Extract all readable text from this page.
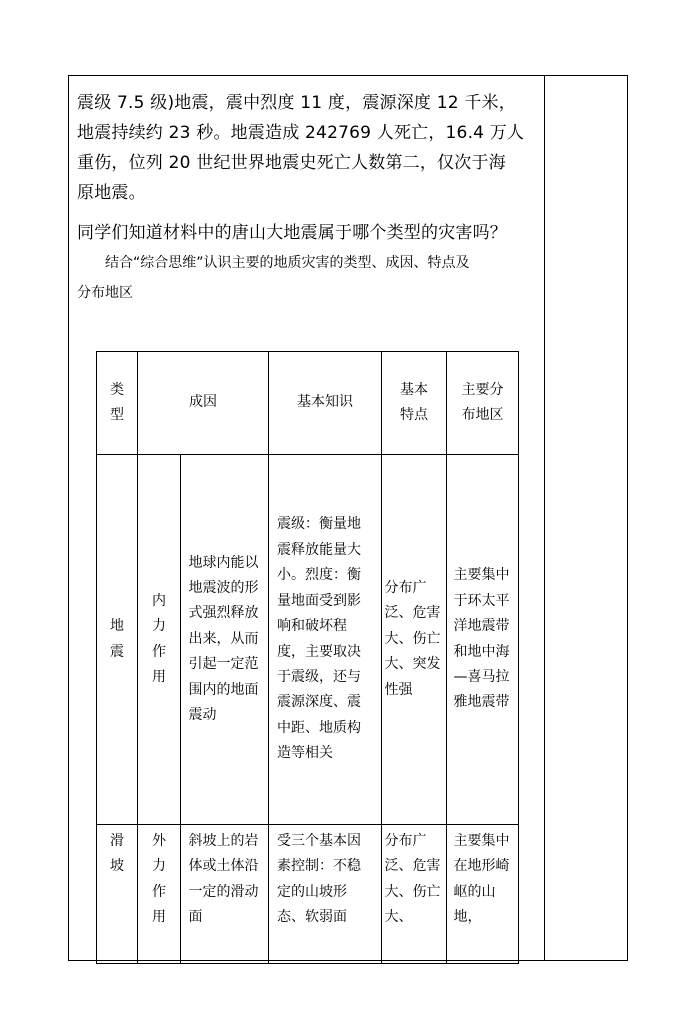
震级 7.5 级)地震，震中烈度 11 度，震源深度 12 千米，

地震持续约 23 秒。地震造成 242769 人死亡，16.4 万人

重伤，位列 20 世纪世界地震史死亡人数第二，仅次于海

原地震。

同学们知道材料中的唐山大地震属于哪个类型的灾害吗？

结合“综合思维”认识主要的地质灾害的类型、成因、特点及

分布地区

类型	成因		基本知识	基本特点	主要分布地区
地震	内力作用	地球内能以地震波的形式强烈释放出来，从而引起一定范围内的地面震动	震级：衡量地震释放能量大小。烈度：衡量地面受到影响和破坏程度，主要取决于震级，还与震源深度、震中距、地质构造等相关	分布广泛、危害大、伤亡大、突发性强	主要集中于环太平洋地震带和地中海—喜马拉雅地震带

滑坡	外力作用	斜坡上的岩体或土体沿一定的滑动面	受三个基本因素控制：不稳定的山坡形态、软弱面	分布广泛、危害大、伤亡大、	主要集中在地形崎岖的山地，
